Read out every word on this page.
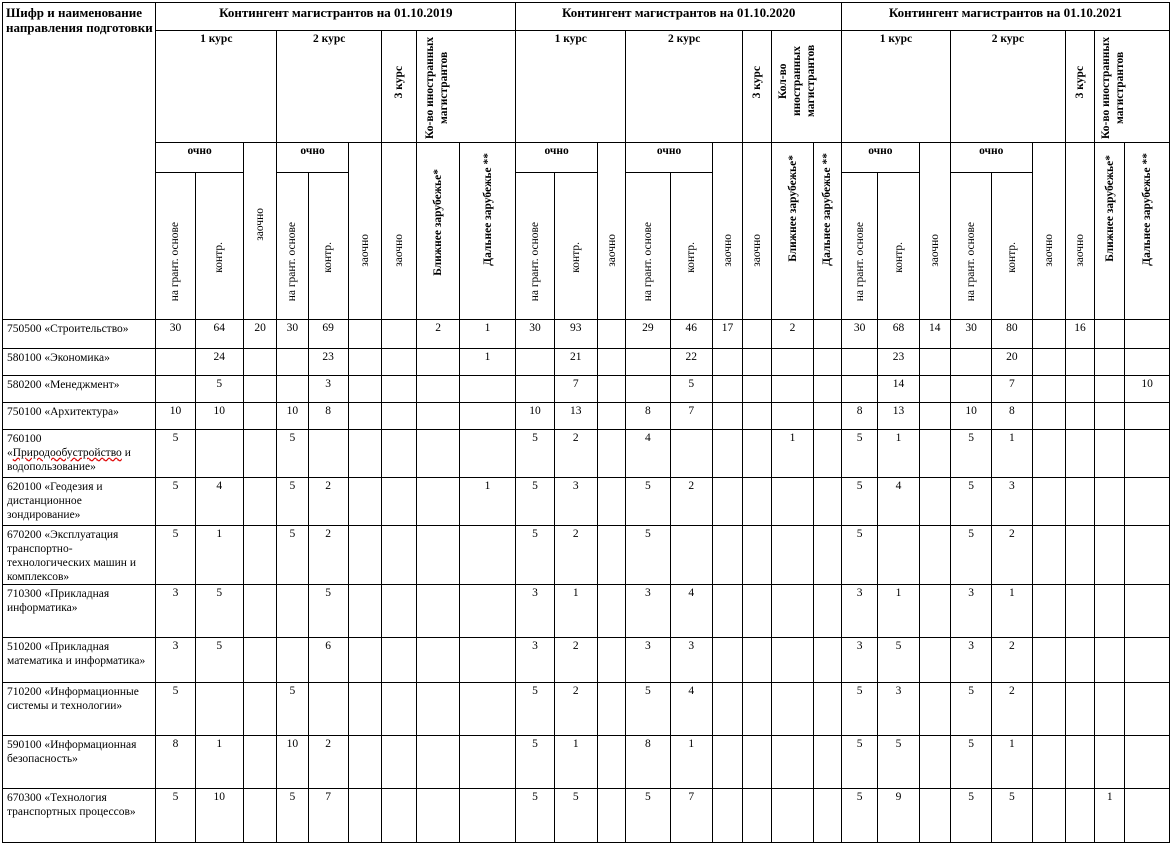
Шифр и наименование направления подготовки	Контингент магистрантов на 01.10.2019									Контингент магистрантов на 01.10.2020									Контингент магистрантов на 01.10.2021								
	1 курс			2 курс			3 курс	Ко-во иностранных магистрантов		1 курс			2 курс			3 курс	Кол-во иностранных магистрантов		1 курс			2 курс			3 курс	Ко-во иностранных магистрантов	

	очно		заочно	очно		заочно	заочно	Ближнее зарубежье*	Дальнее зарубежье **	очно		заочно	очно		заочно	заочно	Ближнее зарубежье*	Дальнее зарубежье **	очно		заочно	очно		заочно	заочно	Ближнее зарубежье*	Дальнее зарубежье **

	на грант. основе	контр.		на грант. основе	контр.					на грант. основе	контр.		на грант. основе	контр.					на грант. основе	контр.		на грант. основе	контр.				

750500 «Строительство»	30	64	20	30	69			2	1	30	93		29	46	17		2		30	68	14	30	80		16		
580100 «Экономика»		24			23				1		21			22						23			20				
580200 «Менеджмент»		5			3						7			5						14			7				10
750100 «Архитектура»	10	10		10	8					10	13		8	7					8	13		10	8				
760100 «Природообустройство и водопользование»	5			5						5	2		4				1		5	1		5	1				
620100 «Геодезия и дистанционное зондирование»	5	4		5	2				1	5	3		5	2					5	4		5	3				
670200 «Эксплуатация транспортно-технологических машин и комплексов»	5	1		5	2					5	2		5						5			5	2				
710300 «Прикладная информатика»	3	5			5					3	1		3	4					3	1		3	1				
510200 «Прикладная математика и информатика»	3	5			6					3	2		3	3					3	5		3	2				
710200 «Информационные системы и технологии»	5			5						5	2		5	4					5	3		5	2				
590100 «Информационная безопасность»	8	1		10	2					5	1		8	1					5	5		5	1				
670300 «Технология транспортных процессов»	5	10		5	7					5	5		5	7					5	9		5	5			1	
